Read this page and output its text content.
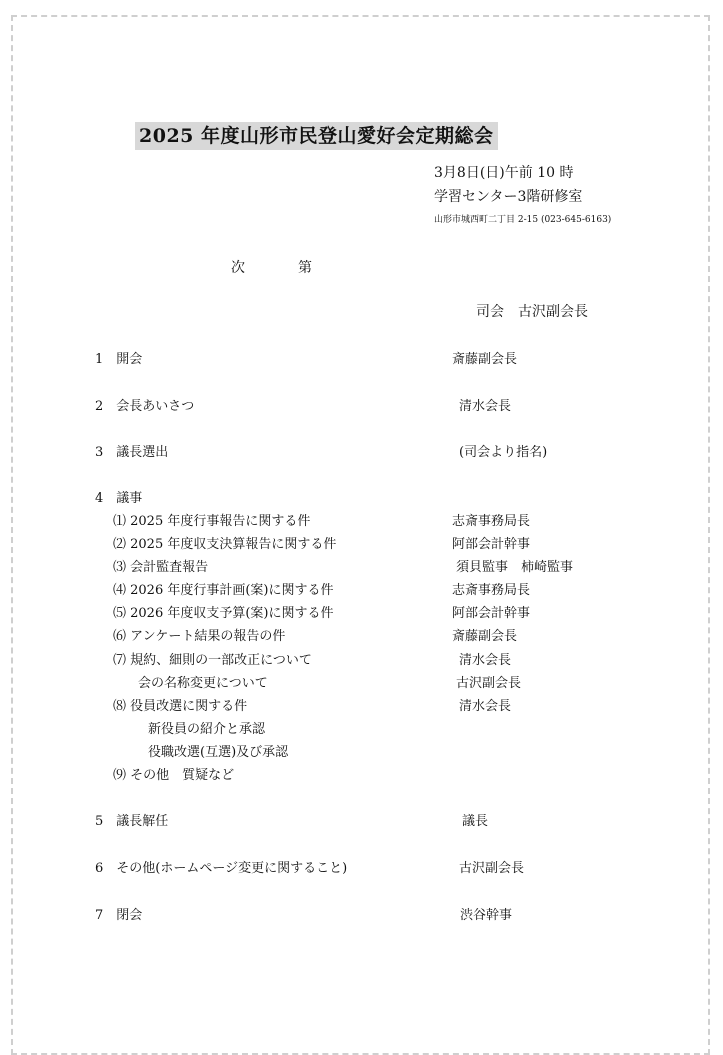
2025 年度山形市民登山愛好会定期総会
3月8日(日)午前 10 時
学習センター3階研修室
山形市城西町二丁目 2-15 (023-645-6163)
次	第
司会　古沢副会長
1　開会	斎藤副会長
2　会長あいさつ	清水会長
3　議長選出	(司会より指名)
4　議事
⑴ 2025 年度行事報告に関する件	志斎事務局長
⑵ 2025 年度収支決算報告に関する件	阿部会計幹事
⑶ 会計監査報告	須貝監事　柿崎監事
⑷ 2026 年度行事計画(案)に関する件	志斎事務局長
⑸ 2026 年度収支予算(案)に関する件	阿部会計幹事
⑹ アンケート結果の報告の件	斎藤副会長
⑺ 規約、細則の一部改正について	清水会長
会の名称変更について	古沢副会長
⑻ 役員改選に関する件	清水会長
新役員の紹介と承認
役職改選(互選)及び承認
⑼ その他　質疑など
5　議長解任	議長
6　その他(ホームページ変更に関すること)	古沢副会長
7　閉会	渋谷幹事
